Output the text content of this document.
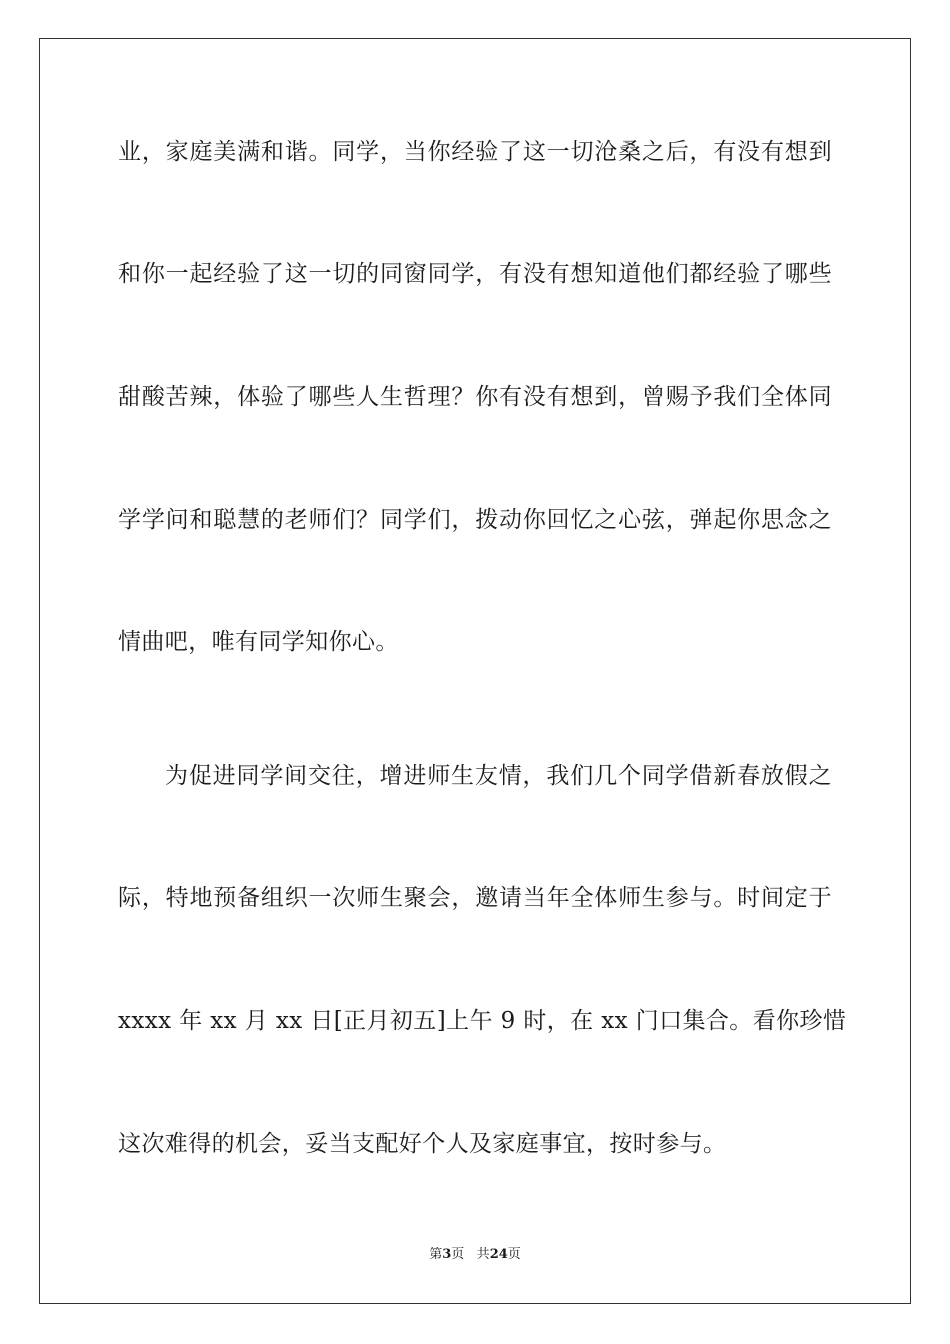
业，家庭美满和谐。同学，当你经验了这一切沧桑之后，有没有想到
和你一起经验了这一切的同窗同学，有没有想知道他们都经验了哪些
甜酸苦辣，体验了哪些人生哲理？你有没有想到，曾赐予我们全体同
学学问和聪慧的老师们？同学们，拨动你回忆之心弦，弹起你思念之
情曲吧，唯有同学知你心。
为促进同学间交往，增进师生友情，我们几个同学借新春放假之
际，特地预备组织一次师生聚会，邀请当年全体师生参与。时间定于
xxxx 年 xx 月 xx 日[正月初五]上午 9 时，在 xx 门口集合。看你珍惜
这次难得的机会，妥当支配好个人及家庭事宜，按时参与。
第3页 共24页
